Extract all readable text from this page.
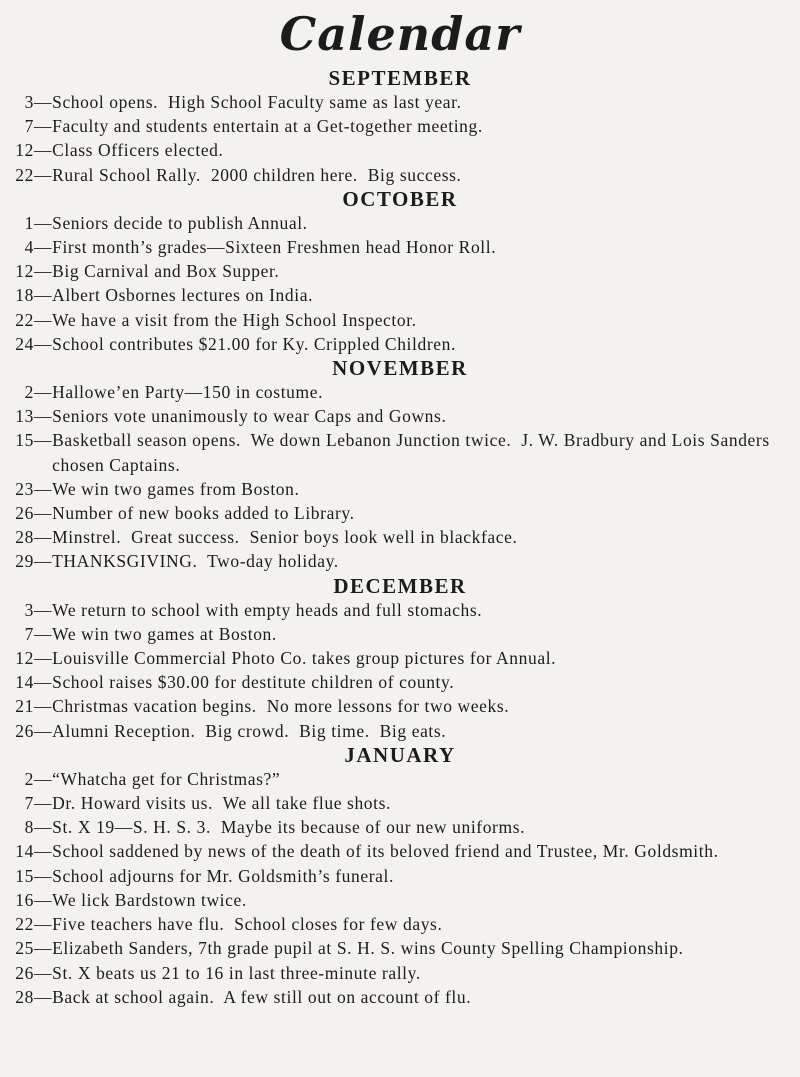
Calendar
SEPTEMBER
3 — School opens.  High School Faculty same as last year.
7 — Faculty and students entertain at a Get-together meeting.
12 — Class Officers elected.
22 — Rural School Rally.  2000 children here.  Big success.
OCTOBER
1 — Seniors decide to publish Annual.
4 — First month’s grades—Sixteen Freshmen head Honor Roll.
12 — Big Carnival and Box Supper.
18 — Albert Osbornes lectures on India.
22 — We have a visit from the High School Inspector.
24 — School contributes $21.00 for Ky. Crippled Children.
NOVEMBER
2 — Hallowe’en Party—150 in costume.
13 — Seniors vote unanimously to wear Caps and Gowns.
15 — Basketball season opens.  We down Lebanon Junction twice.  J. W. Bradbury and Lois Sanders chosen Captains.
23 — We win two games from Boston.
26 — Number of new books added to Library.
28 — Minstrel.  Great success.  Senior boys look well in blackface.
29 — THANKSGIVING.  Two-day holiday.
DECEMBER
3 — We return to school with empty heads and full stomachs.
7 — We win two games at Boston.
12 — Louisville Commercial Photo Co. takes group pictures for Annual.
14 — School raises $30.00 for destitute children of county.
21 — Christmas vacation begins.  No more lessons for two weeks.
26 — Alumni Reception.  Big crowd.  Big time.  Big eats.
JANUARY
2 — “Whatcha get for Christmas?”
7 — Dr. Howard visits us.  We all take flue shots.
8 — St. X 19—S. H. S. 3.  Maybe its because of our new uniforms.
14 — School saddened by news of the death of its beloved friend and Trustee, Mr. Goldsmith.
15 — School adjourns for Mr. Goldsmith’s funeral.
16 — We lick Bardstown twice.
22 — Five teachers have flu.  School closes for few days.
25 — Elizabeth Sanders, 7th grade pupil at S. H. S. wins County Spelling Championship.
26 — St. X beats us 21 to 16 in last three-minute rally.
28 — Back at school again.  A few still out on account of flu.
